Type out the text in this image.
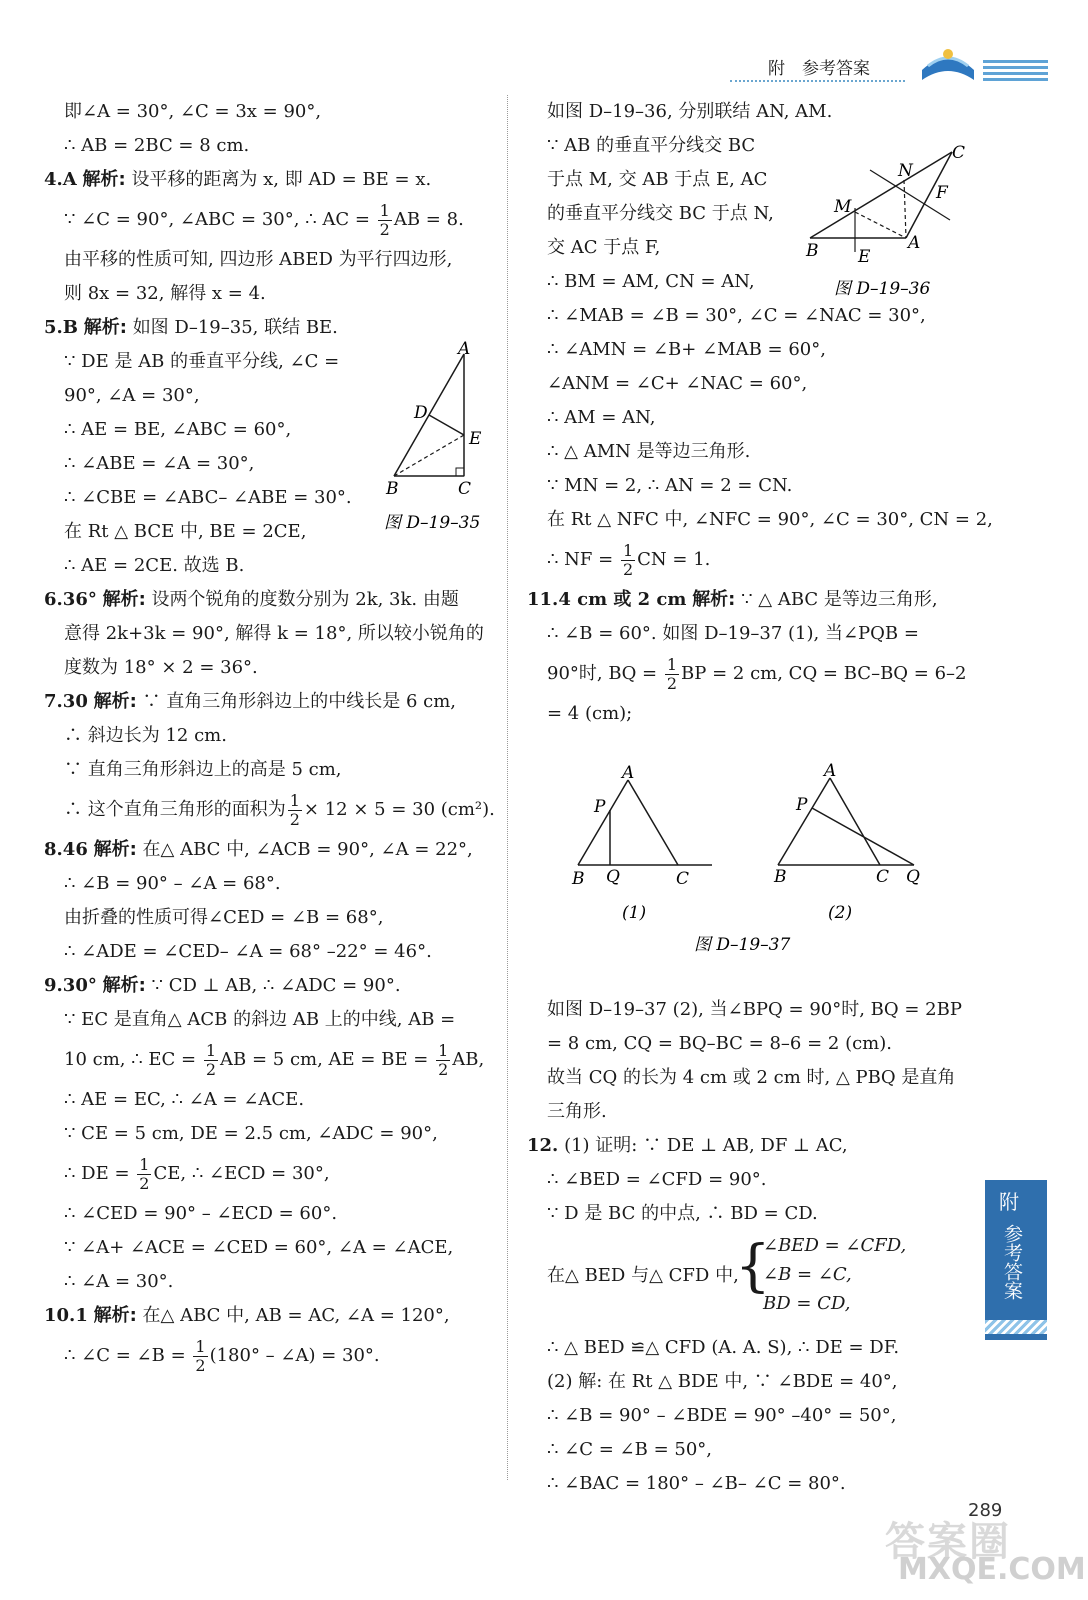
附　参考答案
即∠A = 30°, ∠C = 3x = 90°,
∴ AB = 2BC = 8 cm.
4.A 解析: 设平移的距离为 x, 即 AD = BE = x.
∵ ∠C = 90°, ∠ABC = 30°, ∴ AC = $\frac{1}{2}$ AB = 8.
由平移的性质可知, 四边形 ABED 为平行四边形,
则 8x = 32, 解得 x = 4.
5.B 解析: 如图 D–19–35, 联结 BE.
∵ DE 是 AB 的垂直平分线, ∠C =
90°, ∠A = 30°,
∴ AE = BE, ∠ABC = 60°,
∴ ∠ABE = ∠A = 30°,
∴ ∠CBE = ∠ABC– ∠ABE = 30°.
在 Rt △ BCE 中, BE = 2CE,
∴ AE = 2CE. 故选 B.
6.36° 解析: 设两个锐角的度数分别为 2k, 3k. 由题
意得 2k+3k = 90°, 解得 k = 18°, 所以较小锐角的
度数为 18° × 2 = 36°.
7.30 解析: ∵ 直角三角形斜边上的中线长是 6 cm,
∴ 斜边长为 12 cm.
∵ 直角三角形斜边上的高是 5 cm,
∴ 这个直角三角形的面积为 $\frac{1}{2} \times 12 \times 5 = 30$ (cm²).
8.46 解析: 在△ ABC 中, ∠ACB = 90°, ∠A = 22°,
∴ ∠B = 90° – ∠A = 68°.
由折叠的性质可得∠CED = ∠B = 68°,
∴ ∠ADE = ∠CED– ∠A = 68° –22° = 46°.
9.30° 解析: ∵ CD ⊥ AB, ∴ ∠ADC = 90°.
∵ EC 是直角△ ACB 的斜边 AB 上的中线, AB =
10 cm, ∴ EC = $\frac{1}{2}$ AB = 5 cm, AE = BE = $\frac{1}{2}$ AB,
∴ AE = EC, ∴ ∠A = ∠ACE.
∵ CE = 5 cm, DE = 2.5 cm, ∠ADC = 90°,
∴ DE = $\frac{1}{2}$ CE, ∴ ∠ECD = 30°,
∴ ∠CED = 90° – ∠ECD = 60°.
∵ ∠A+ ∠ACE = ∠CED = 60°, ∠A = ∠ACE,
∴ ∠A = 30°.
10.1 解析: 在△ ABC 中, AB = AC, ∠A = 120°,
∴ ∠C = ∠B = $\frac{1}{2} (180^\circ$ – ∠A) = 30°.
如图 D–19–36, 分别联结 AN, AM.
∵ AB 的垂直平分线交 BC
于点 M, 交 AB 于点 E, AC
的垂直平分线交 BC 于点 N,
交 AC 于点 F,
∴ BM = AM, CN = AN,
∴ ∠MAB = ∠B = 30°, ∠C = ∠NAC = 30°,
∴ ∠AMN = ∠B+ ∠MAB = 60°,
∠ANM = ∠C+ ∠NAC = 60°,
∴ AM = AN,
∴ △ AMN 是等边三角形.
∵ MN = 2, ∴ AN = 2 = CN.
在 Rt △ NFC 中, ∠NFC = 90°, ∠C = 30°, CN = 2,
∴ NF = $\frac{1}{2}$ CN = 1.
11.4 cm 或 2 cm 解析: ∵ △ ABC 是等边三角形,
∴ ∠B = 60°. 如图 D–19–37 (1), 当∠PQB =
90°时, BQ = $\frac{1}{2}$ BP = 2 cm, CQ = BC–BQ = 6–2
= 4 (cm);
如图 D–19–37 (2), 当∠BPQ = 90°时, BQ = 2BP
= 8 cm, CQ = BQ–BC = 8–6 = 2 (cm).
故当 CQ 的长为 4 cm 或 2 cm 时, △ PBQ 是直角
三角形.
12. (1) 证明: ∵ DE ⊥ AB, DF ⊥ AC,
∴ ∠BED = ∠CFD = 90°.
∵ D 是 BC 的中点, ∴ BD = CD.
在△ BED 与△ CFD 中,
{
∠BED = ∠CFD,
∠B = ∠C,
BD = CD,
∴ △ BED ≌△ CFD (A. A. S), ∴ DE = DF.
(2) 解: 在 Rt △ BDE 中, ∵ ∠BDE = 40°,
∴ ∠B = 90° – ∠BDE = 90° –40° = 50°,
∴ ∠C = ∠B = 50°,
∴ ∠BAC = 180° – ∠B– ∠C = 80°.
A
D
E
B	C
图 D–19–35
C
N
F
M
B E
A
图 D–19–36
A
P
B Q	C
(1)
A
P
B	C Q
(2)
图 D–19–37
附
参考答案
答案圈
MXQE.COM
289
